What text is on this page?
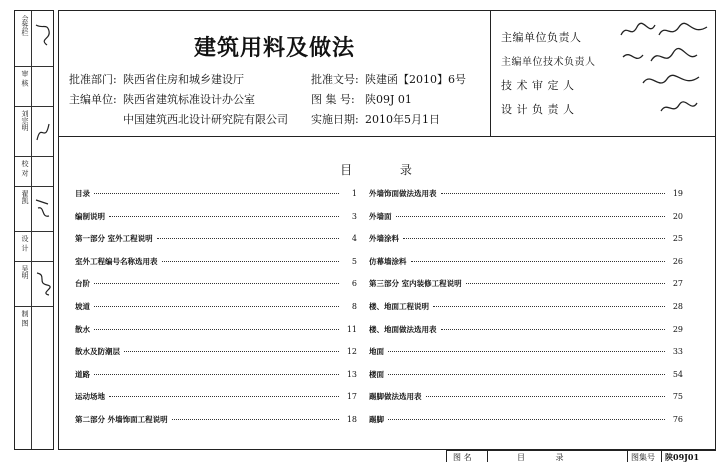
会签栏
审 核
刘宗明
校 对
翟凯
设 计
吴明
制 图
建筑用料及做法
批准部门: 陕西省住房和城乡建设厅
主编单位: 陕西省建筑标准设计办公室
中国建筑西北设计研究院有限公司
批准文号: 陕建函【2010】6号
图 集 号: 陕09J 01
实施日期: 2010年5月1日
主编单位负责人
主编单位技术负责人
技 术 审 定 人
设 计 负 责 人
目 录
目录	1
编制说明	3
第一部分 室外工程说明	4
室外工程编号名称选用表	5
台阶	6
坡道	8
散水	11
散水及防潮层	12
道路	13
运动场地	17
第二部分 外墙饰面工程说明	18
外墙饰面做法选用表	19
外墙面	20
外墙涂料	25
仿幕墙涂料	26
第三部分 室内装修工程说明	27
楼、地面工程说明	28
楼、地面做法选用表	29
地面	33
楼面	54
踢脚做法选用表	75
踢脚	76
图 名	目 录	图集号 陕09J01
